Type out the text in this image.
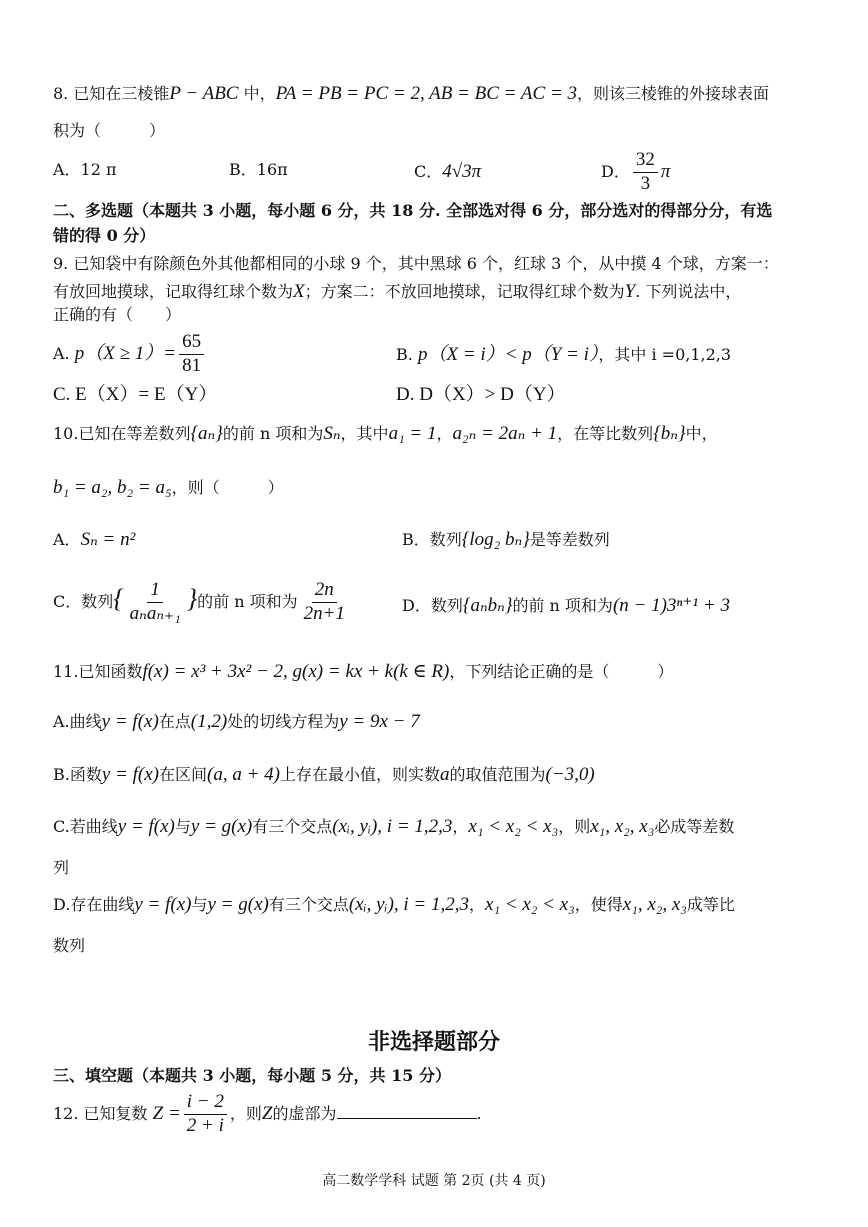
8. 已知在三棱锥P − ABC 中，PA = PB = PC = 2, AB = BC = AC = 3，则该三棱锥的外接球表面
积为（　　　）
A．12 π	B．16π	C．4√3π	D． $\frac{32}{3}$ π
二、多选题（本题共 3 小题，每小题 6 分，共 18 分. 全部选对得 6 分，部分选对的得部分分，有选
错的得 0 分）
9. 已知袋中有除颜色外其他都相同的小球 9 个，其中黑球 6 个，红球 3 个，从中摸 4 个球，方案一：
有放回地摸球，记取得红球个数为X；方案二：不放回地摸球，记取得红球个数为Y. 下列说法中，
正确的有（　　）
A. $p(X \ge 1)= \frac{65}{81}$	B. p（X = i）< p（Y = i），其中 i =0,1,2,3
C. E（X）= E（Y）	D. D（X）> D（Y）
10.已知在等差数列{aₙ}的前 n 项和为Sₙ，其中a₁ = 1，a₂ₙ = 2aₙ + 1，在等比数列{bₙ}中，
b₁ = a₂, b₂ = a₅，则（　　　）
A．Sₙ = n²	B．数列{log₂ bₙ}是等差数列
C．数列{ $\frac{1}{\text{aₙaₙ₊₁}}$ }的前 n 项和为 $\frac{2n}{2n+1}$	D．数列{aₙbₙ}的前 n 项和为(n − 1)3ⁿ⁺¹ + 3
11.已知函数f(x) = x³ + 3x² − 2, g(x) = kx + k(k ∈ R)，下列结论正确的是（　　　）
A.曲线y = f(x)在点(1,2)处的切线方程为y = 9x − 7
B.函数y = f(x)在区间(a, a + 4)上存在最小值，则实数a的取值范围为(−3,0)
C.若曲线y = f(x)与y = g(x)有三个交点(xᵢ, yᵢ), i = 1,2,3，x₁ < x₂ < x₃，则x₁, x₂, x₃必成等差数
列
D.存在曲线y = f(x)与y = g(x)有三个交点(xᵢ, yᵢ), i = 1,2,3，x₁ < x₂ < x₃，使得x₁, x₂, x₃成等比
数列
非选择题部分
三、填空题（本题共 3 小题，每小题 5 分，共 15 分）
12. 已知复数 $Z = \frac{i - 2}{2 + i}$ ，则Z的虚部为	.
高二数学学科 试题 第 2页 (共 4 页)
